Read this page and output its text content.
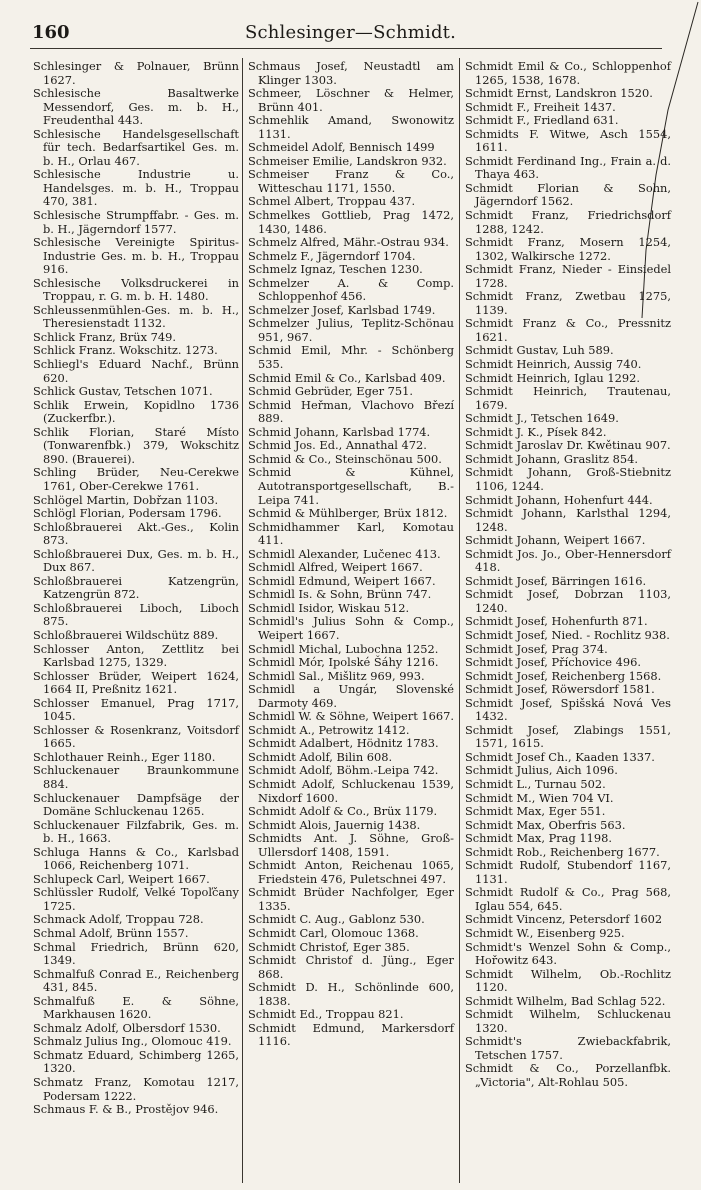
160	Schlesinger—Schmidt.

Schlesinger & Polnauer, Brünn 1627.

Schlesische Basaltwerke Messendorf, Ges. m. b. H., Freudenthal 443.

Schlesische Handelsgesellschaft für tech. Bedarfsartikel Ges. m. b. H., Orlau 467.

Schlesische Industrie u. Handelsges. m. b. H., Troppau 470, 381.

Schlesische Strumpffabr. - Ges. m. b. H., Jägerndorf 1577.

Schlesische Vereinigte Spiritus-Industrie Ges. m. b. H., Troppau 916.

Schlesische Volksdruckerei in Troppau, r. G. m. b. H. 1480.

Schleussenmühlen-Ges. m. b. H., Theresienstadt 1132.

Schlick Franz, Brüx 749.

Schlick Franz. Wokschitz. 1273.

Schliegl's Eduard Nachf., Brünn 620.

Schlick Gustav, Tetschen 1071.

Schlik Erwein, Kopidlno 1736 (Zuckerfbr.).

Schlik Florian, Staré Místo (Tonwarenfbk.) 379, Wokschitz 890. (Brauerei).

Schling Brüder, Neu-Cerekwe 1761, Ober-Cerekwe 1761.

Schlögel Martin, Dobřzan 1103.

Schlögl Florian, Podersam 1796.

Schloßbrauerei Akt.-Ges., Kolin 873.

Schloßbrauerei Dux, Ges. m. b. H., Dux 867.

Schloßbrauerei Katzengrün, Katzengrün 872.

Schloßbrauerei Liboch, Liboch 875.

Schloßbrauerei Wildschütz 889.

Schlosser Anton, Zettlitz bei Karlsbad 1275, 1329.

Schlosser Brüder, Weipert 1624, 1664 II, Preßnitz 1621.

Schlosser Emanuel, Prag 1717, 1045.

Schlosser & Rosenkranz, Voitsdorf 1665.

Schlothauer Reinh., Eger 1180.

Schluckenauer Braunkommune 884.

Schluckenauer Dampfsäge der Domäne Schluckenau 1265.

Schluckenauer Filzfabrik, Ges. m. b. H., 1663.

Schluga Hanns & Co., Karlsbad 1066, Reichenberg 1071.

Schlupeck Carl, Weipert 1667.

Schlüssler Rudolf, Velké Topoľčany 1725.

Schmack Adolf, Troppau 728.

Schmal Adolf, Brünn 1557.

Schmal Friedrich, Brünn 620, 1349.

Schmalfuß Conrad E., Reichenberg 431, 845.

Schmalfuß E. & Söhne, Markhausen 1620.

Schmalz Adolf, Olbersdorf 1530.

Schmalz Julius Ing., Olomouc 419.

Schmatz Eduard, Schimberg 1265, 1320.

Schmatz Franz, Komotau 1217, Podersam 1222.

Schmaus F. & B., Prostějov 946.

Schmaus Josef, Neustadtl am Klinger 1303.

Schmeer, Löschner & Helmer, Brünn 401.

Schmehlik Amand, Swonowitz 1131.

Schmeidel Adolf, Bennisch 1499

Schmeiser Emilie, Landskron 932.

Schmeiser Franz & Co., Witteschau 1171, 1550.

Schmel Albert, Troppau 437.

Schmelkes Gottlieb, Prag 1472, 1430, 1486.

Schmelz Alfred, Mähr.-Ostrau 934.

Schmelz F., Jägerndorf 1704.

Schmelz Ignaz, Teschen 1230.

Schmelzer A. & Comp. Schloppenhof 456.

Schmelzer Josef, Karlsbad 1749.

Schmelzer Julius, Teplitz-Schönau 951, 967.

Schmid Emil, Mhr. - Schönberg 535.

Schmid Emil & Co., Karlsbad 409.

Schmid Gebrüder, Eger 751.

Schmid Heřman, Vlachovo Březí 889.

Schmid Johann, Karlsbad 1774.

Schmid Jos. Ed., Annathal 472.

Schmid & Co., Steinschönau 500.

Schmid & Kühnel, Autotransportgesellschaft, B.-Leipa 741.

Schmid & Mühlberger, Brüx 1812.

Schmidhammer Karl, Komotau 411.

Schmidl Alexander, Lučenec 413.

Schmidl Alfred, Weipert 1667.

Schmidl Edmund, Weipert 1667.

Schmidl Is. & Sohn, Brünn 747.

Schmidl Isidor, Wiskau 512.

Schmidl's Julius Sohn & Comp., Weipert 1667.

Schmidl Michal, Lubochna 1252.

Schmidl Mór, Ipolské Šáhy 1216.

Schmidl Sal., Mišlitz 969, 993.

Schmidl a Ungár, Slovenské Darmoty 469.

Schmidl W. & Söhne, Weipert 1667.

Schmidt A., Petrowitz 1412.

Schmidt Adalbert, Hödnitz 1783.

Schmidt Adolf, Bilin 608.

Schmidt Adolf, Böhm.-Leipa 742.

Schmidt Adolf, Schluckenau 1539, Nixdorf 1600.

Schmidt Adolf & Co., Brüx 1179.

Schmidt Alois, Jauernig 1438.

Schmidts Ant. J. Söhne, Groß-Ullersdorf 1408, 1591.

Schmidt Anton, Reichenau 1065, Friedstein 476, Puletschnei 497.

Schmidt Brüder Nachfolger, Eger 1335.

Schmidt C. Aug., Gablonz 530.

Schmidt Carl, Olomouc 1368.

Schmidt Christof, Eger 385.

Schmidt Christof d. Jüng., Eger 868.

Schmidt D. H., Schönlinde 600, 1838.

Schmidt Ed., Troppau 821.

Schmidt Edmund, Markersdorf 1116.

Schmidt Emil & Co., Schloppenhof 1265, 1538, 1678.

Schmidt Ernst, Landskron 1520.

Schmidt F., Freiheit 1437.

Schmidt F., Friedland 631.

Schmidts F. Witwe, Asch 1554, 1611.

Schmidt Ferdinand Ing., Frain a. d. Thaya 463.

Schmidt Florian & Sohn, Jägerndorf 1562.

Schmidt Franz, Friedrichsdorf 1288, 1242.

Schmidt Franz, Mosern 1254, 1302, Walkirsche 1272.

Schmidt Franz, Nieder - Einsiedel 1728.

Schmidt Franz, Zwetbau 1275, 1139.

Schmidt Franz & Co., Pressnitz 1621.

Schmidt Gustav, Luh 589.

Schmidt Heinrich, Aussig 740.

Schmidt Heinrich, Iglau 1292.

Schmidt Heinrich, Trautenau, 1679.

Schmidt J., Tetschen 1649.

Schmidt J. K., Písek 842.

Schmidt Jaroslav Dr. Kwětinau 907.

Schmidt Johann, Graslitz 854.

Schmidt Johann, Groß-Stiebnitz 1106, 1244.

Schmidt Johann, Hohenfurt 444.

Schmidt Johann, Karlsthal 1294, 1248.

Schmidt Johann, Weipert 1667.

Schmidt Jos. Jo., Ober-Hennersdorf 418.

Schmidt Josef, Bärringen 1616.

Schmidt Josef, Dobrzan 1103, 1240.

Schmidt Josef, Hohenfurth 871.

Schmidt Josef, Nied. - Rochlitz 938.

Schmidt Josef, Prag 374.

Schmidt Josef, Příchovice 496.

Schmidt Josef, Reichenberg 1568.

Schmidt Josef, Röwersdorf 1581.

Schmidt Josef, Spišská Nová Ves 1432.

Schmidt Josef, Zlabings 1551, 1571, 1615.

Schmidt Josef Ch., Kaaden 1337.

Schmidt Julius, Aich 1096.

Schmidt L., Turnau 502.

Schmidt M., Wien 704 VI.

Schmidt Max, Eger 551.

Schmidt Max, Oberfris 563.

Schmidt Max, Prag 1198.

Schmidt Rob., Reichenberg 1677.

Schmidt Rudolf, Stubendorf 1167, 1131.

Schmidt Rudolf & Co., Prag 568, Iglau 554, 645.

Schmidt Vincenz, Petersdorf 1602

Schmidt W., Eisenberg 925.

Schmidt's Wenzel Sohn & Comp., Hořowitz 643.

Schmidt Wilhelm, Ob.-Rochlitz 1120.

Schmidt Wilhelm, Bad Schlag 522.

Schmidt Wilhelm, Schluckenau 1320.

Schmidt's Zwiebackfabrik, Tetschen 1757.

Schmidt & Co., Porzellanfbk. „Victoria", Alt-Rohlau 505.
